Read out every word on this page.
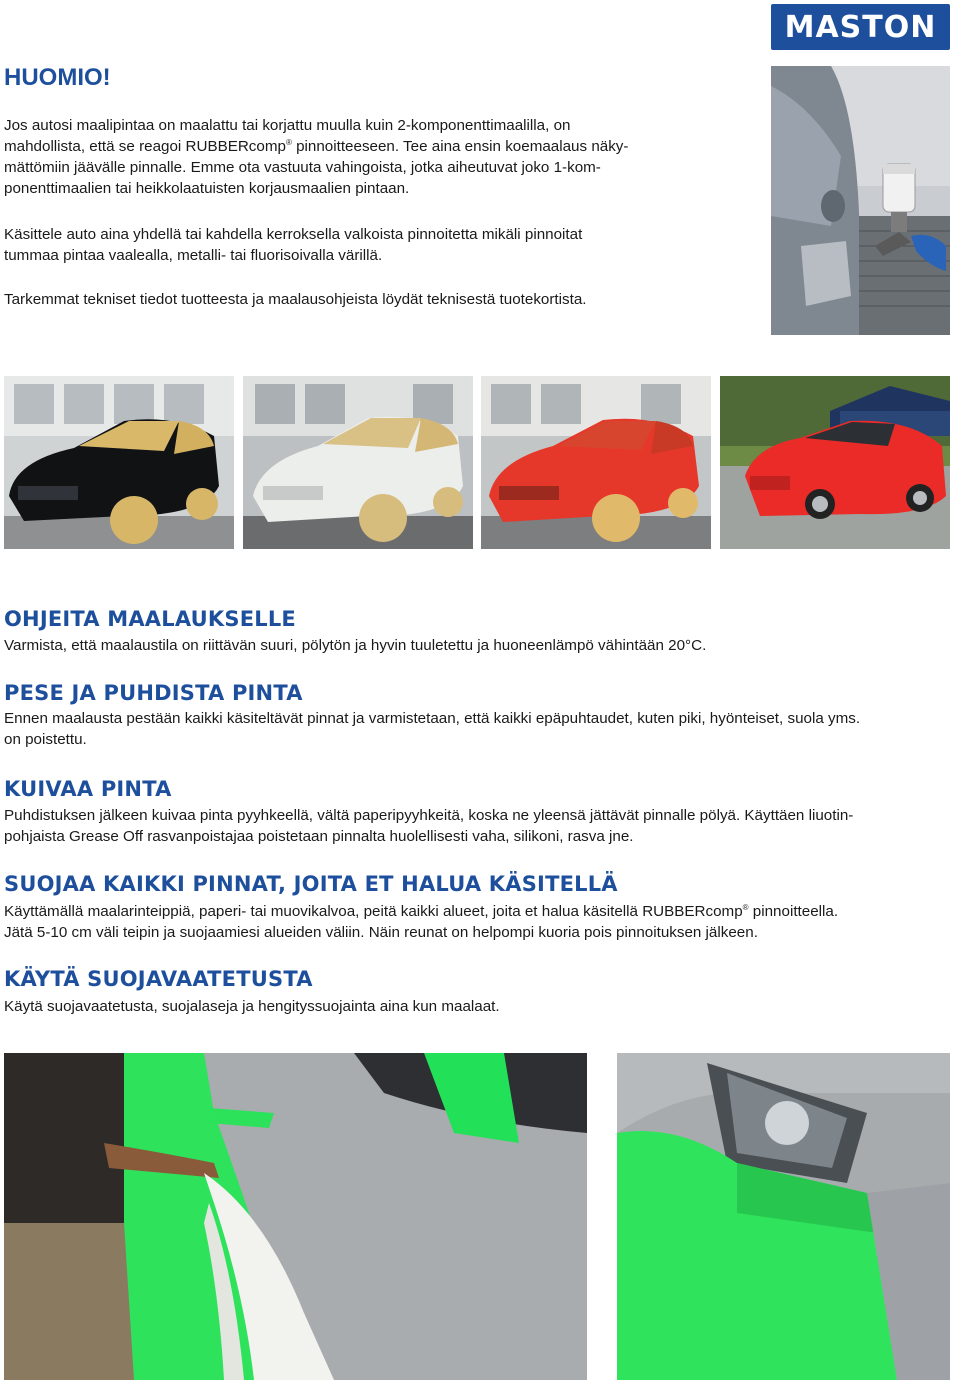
MASTON
HUOMIO!

Jos autosi maalipintaa on maalattu tai korjattu muulla kuin 2-komponenttimaalilla, on

mahdollista, että se reagoi RUBBERcomp® pinnoitteeseen. Tee aina ensin koemaalaus näky-

mättömiin jäävälle pinnalle. Emme ota vastuuta vahingoista, jotka aiheutuvat joko 1-kom-

ponenttimaalien tai heikkolaatuisten korjausmaalien pintaan.

Käsittele auto aina yhdellä tai kahdella kerroksella valkoista pinnoitetta mikäli pinnoitat

tummaa pintaa vaalealla, metalli- tai fluorisoivalla värillä.

Tarkemmat tekniset tiedot tuotteesta ja maalausohjeista löydät teknisestä tuotekortista.

OHJEITA MAALAUKSELLE

Varmista, että maalaustila on riittävän suuri, pölytön ja hyvin tuuletettu ja huoneenlämpö vähintään 20°C.

PESE JA PUHDISTA PINTA

Ennen maalausta pestään kaikki käsiteltävät pinnat ja varmistetaan, että kaikki epäpuhtaudet, kuten piki, hyönteiset, suola yms.

on poistettu.

KUIVAA PINTA

Puhdistuksen jälkeen kuivaa pinta pyyhkeellä, vältä paperipyyhkeitä, koska ne yleensä jättävät pinnalle pölyä. Käyttäen liuotin-

pohjaista Grease Off rasvanpoistajaa poistetaan pinnalta huolellisesti vaha, silikoni, rasva jne.

SUOJAA KAIKKI PINNAT, JOITA ET HALUA KÄSITELLÄ

Käyttämällä maalarinteippiä, paperi- tai muovikalvoa, peitä kaikki alueet, joita et halua käsitellä RUBBERcomp® pinnoitteella.

Jätä 5-10 cm väli teipin ja suojaamiesi alueiden väliin. Näin reunat on helpompi kuoria pois pinnoituksen jälkeen.

KÄYTÄ SUOJAVAATETUSTA

Käytä suojavaatetusta, suojalaseja ja hengityssuojainta aina kun maalaat.
